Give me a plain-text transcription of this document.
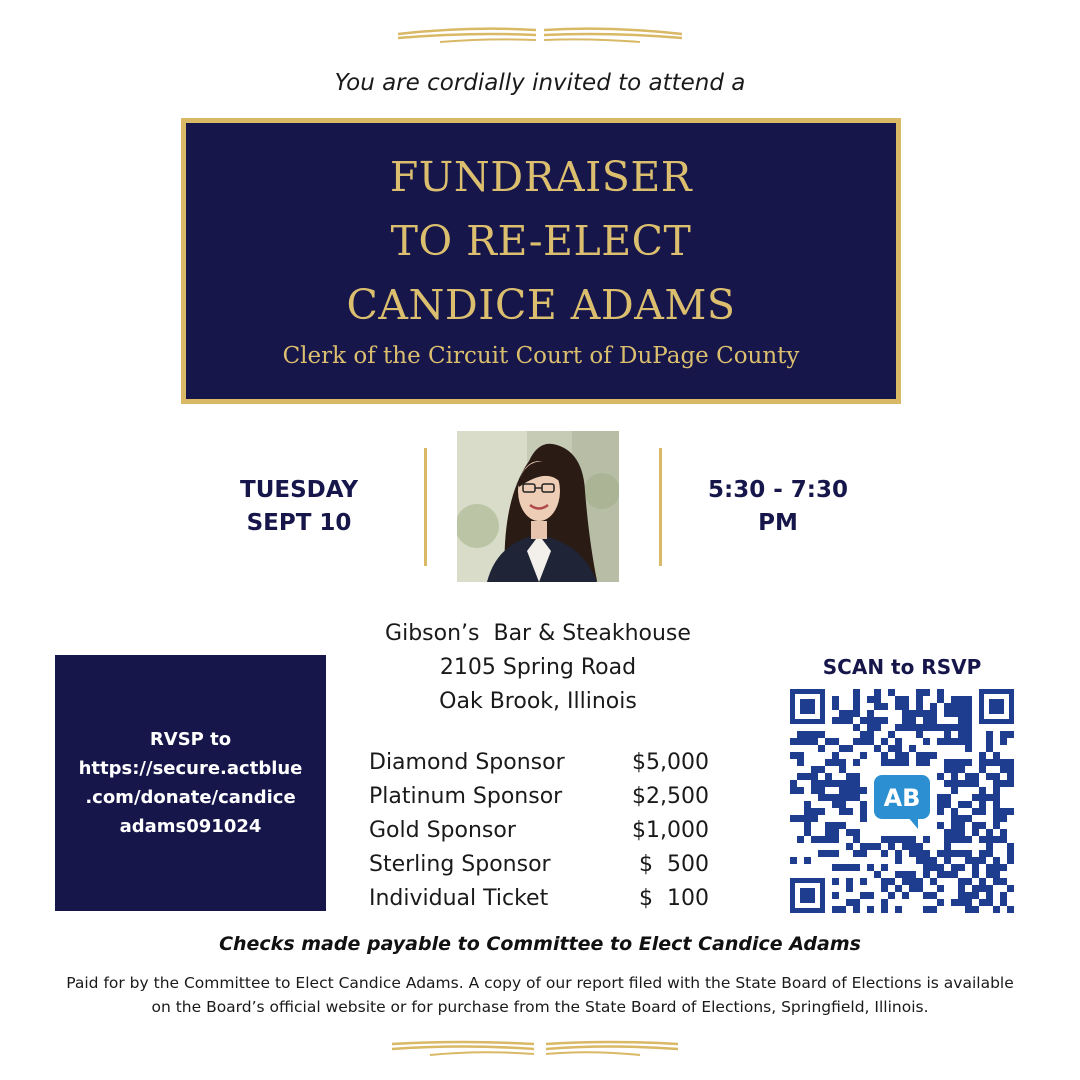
You are cordially invited to attend a
FUNDRAISER
TO RE-ELECT
CANDICE ADAMS
Clerk of the Circuit Court of DuPage County
TUESDAY
SEPT 10
5:30 - 7:30
PM
Gibson’s  Bar & Steakhouse
2105 Spring Road
Oak Brook, Illinois
Diamond Sponsor	$5,000
Platinum Sponsor	$2,500
Gold Sponsor	$1,000
Sterling Sponsor	$  500
Individual Ticket	$  100
RVSP to
https://secure.actblue
.com/donate/candice
adams091024
SCAN to RSVP
AB
Checks made payable to Committee to Elect Candice Adams
Paid for by the Committee to Elect Candice Adams. A copy of our report filed with the State Board of Elections is available
on the Board’s official website or for purchase from the State Board of Elections, Springfield, Illinois.
